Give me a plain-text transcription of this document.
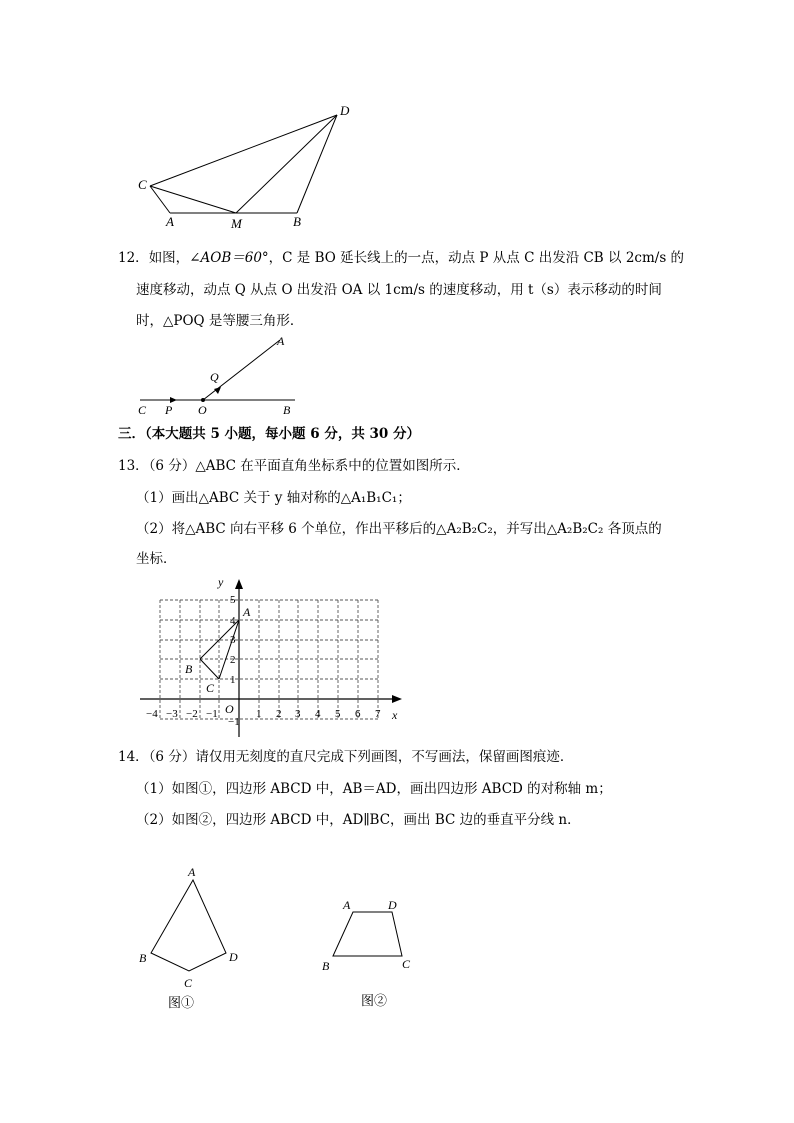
D
C
A	M	B
12．如图，∠AOB＝60°，C 是 BO 延长线上的一点，动点 P 从点 C 出发沿 CB 以 2cm/s 的
速度移动，动点 Q 从点 O 出发沿 OA 以 1cm/s 的速度移动，用 t（s）表示移动的时间
时，△POQ 是等腰三角形．
A
Q
C P O	B
三．（本大题共 5 小题，每小题 6 分，共 30 分）
13．（6 分）△ABC 在平面直角坐标系中的位置如图所示．
（1）画出△ABC 关于 y 轴对称的△A₁B₁C₁；
（2）将△ABC 向右平移 6 个单位，作出平移后的△A₂B₂C₂，并写出△A₂B₂C₂ 各顶点的
坐标．
x
y
O
A
B
C
−4 −3 −2 −1	1 2 3 4 5 6 7
5
4
3
2
1
−1
14．（6 分）请仅用无刻度的直尺完成下列画图，不写画法，保留画图痕迹．
（1）如图①，四边形 ABCD 中，AB＝AD，画出四边形 ABCD 的对称轴 m；
（2）如图②，四边形 ABCD 中，AD∥BC，画出 BC 边的垂直平分线 n．
A
B
C
D
图①
A	D
B	C
图②
